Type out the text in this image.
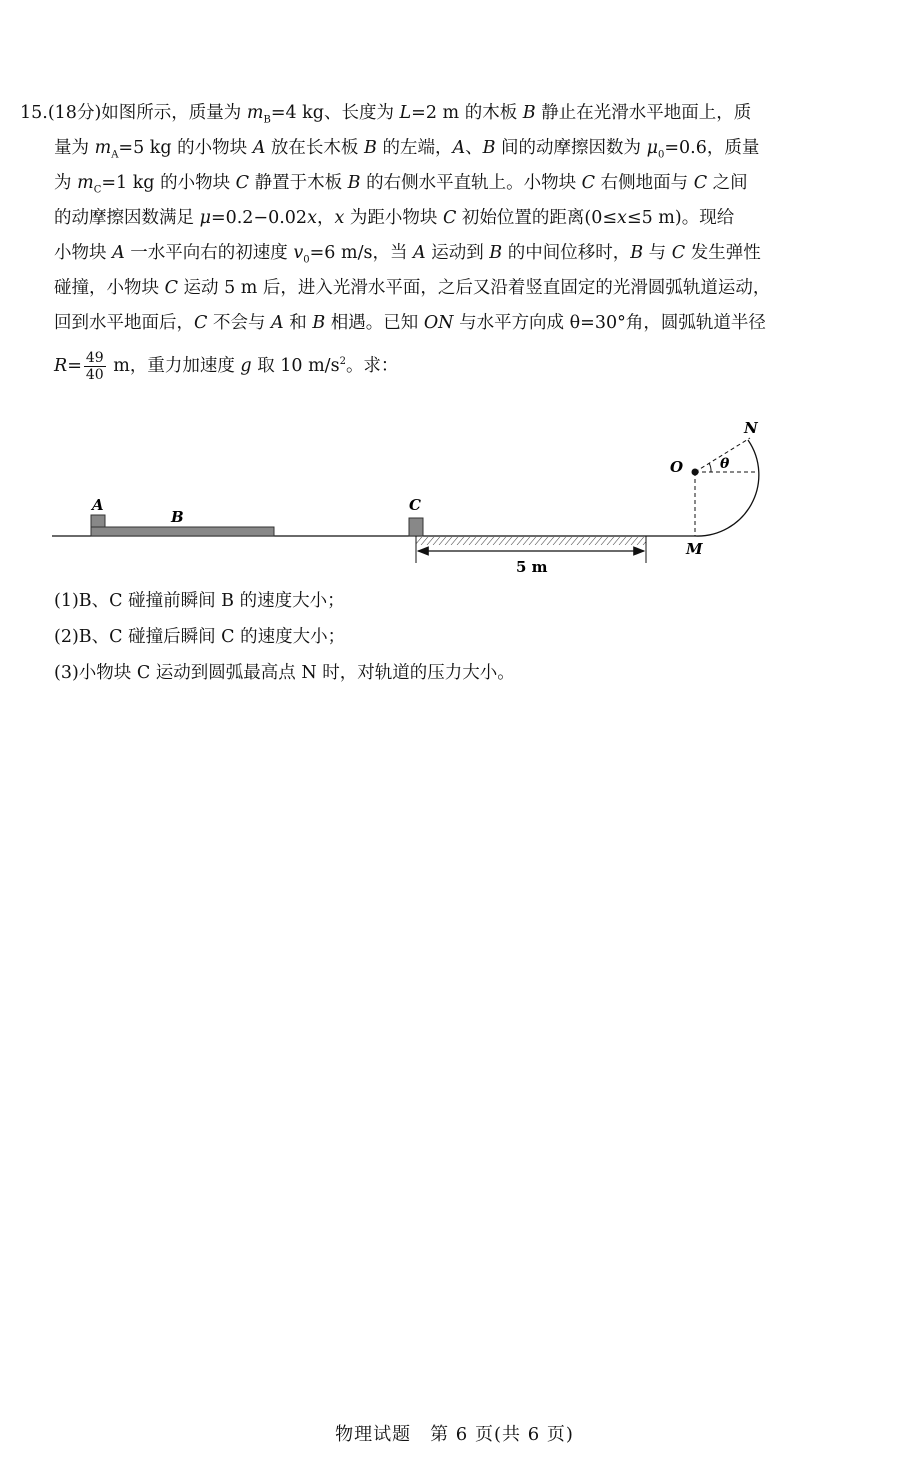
15.(18分)如图所示，质量为 $m_B=4$ kg、长度为 L=2 m 的木板 B 静止在光滑水平地面上，质
量为 $m_A=5$ kg 的小物块 A 放在长木板 B 的左端，A、B 间的动摩擦因数为 $\mu_0=0.6$，质量
为 $m_C=1$ kg 的小物块 C 静置于木板 B 的右侧水平直轨上。小物块 C 右侧地面与 C 之间
的动摩擦因数满足 μ=0.2−0.02x，x 为距小物块 C 初始位置的距离(0≤x≤5 m)。现给
小物块 A 一水平向右的初速度 $v_0=6$ m/s，当 A 运动到 B 的中间位移时，B 与 C 发生弹性
碰撞，小物块 C 运动 5 m 后，进入光滑水平面，之后又沿着竖直固定的光滑圆弧轨道运动，
回到水平地面后，C 不会与 A 和 B 相遇。已知 ON 与水平方向成 θ=30°角，圆弧轨道半径
$R= \frac{49}{40}$ m，重力加速度 g 取 10 $m/s^2$。求：
A
B
C
5 m
O
N
M
θ
(1)B、C 碰撞前瞬间 B 的速度大小；
(2)B、C 碰撞后瞬间 C 的速度大小；
(3)小物块 C 运动到圆弧最高点 N 时，对轨道的压力大小。
物理试题　第 6 页(共 6 页)
